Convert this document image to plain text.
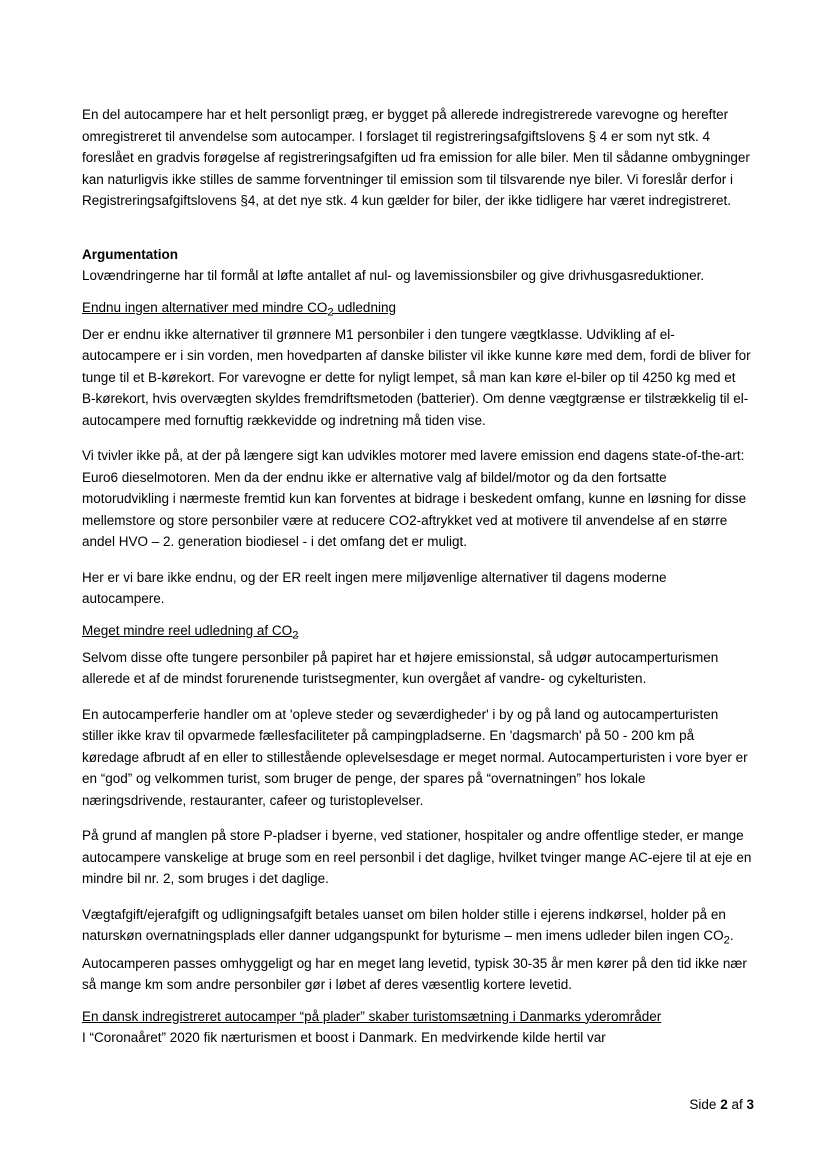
En del autocampere har et helt personligt præg, er bygget på allerede indregistrerede varevogne og herefter omregistreret til anvendelse som autocamper. I forslaget til registreringsafgiftslovens § 4 er som nyt stk. 4 foreslået en gradvis forøgelse af registreringsafgiften ud fra emission for alle biler. Men til sådanne ombygninger kan naturligvis ikke stilles de samme forventninger til emission som til tilsvarende nye biler. Vi foreslår derfor i Registreringsafgiftslovens §4, at det nye stk. 4 kun gælder for biler, der ikke tidligere har været indregistreret.

Argumentation

Lovændringerne har til formål at løfte antallet af nul- og lavemissionsbiler og give drivhusgasreduktioner.

Endnu ingen alternativer med mindre $CO_2$ udledning

Der er endnu ikke alternativer til grønnere M1 personbiler i den tungere vægtklasse. Udvikling af el-autocampere er i sin vorden, men hovedparten af danske bilister vil ikke kunne køre med dem, fordi de bliver for tunge til et B-kørekort. For varevogne er dette for nyligt lempet, så man kan køre el-biler op til 4250 kg med et B-kørekort, hvis overvægten skyldes fremdriftsmetoden (batterier). Om denne vægtgrænse er tilstrækkelig til el-autocampere med fornuftig rækkevidde og indretning må tiden vise.

Vi tvivler ikke på, at der på længere sigt kan udvikles motorer med lavere emission end dagens state-of-the-art: Euro6 dieselmotoren. Men da der endnu ikke er alternative valg af bildel/motor og da den fortsatte motorudvikling i nærmeste fremtid kun kan forventes at bidrage i beskedent omfang, kunne en løsning for disse mellemstore og store personbiler være at reducere CO2-aftrykket ved at motivere til anvendelse af en større andel HVO – 2. generation biodiesel - i det omfang det er muligt.

Her er vi bare ikke endnu, og der ER reelt ingen mere miljøvenlige alternativer til dagens moderne autocampere.

Meget mindre reel udledning af $CO_2$

Selvom disse ofte tungere personbiler på papiret har et højere emissionstal, så udgør autocamperturismen allerede et af de mindst forurenende turistsegmenter, kun overgået af vandre- og cykelturisten.

En autocamperferie handler om at 'opleve steder og seværdigheder' i by og på land og autocamperturisten stiller ikke krav til opvarmede fællesfaciliteter på campingpladserne. En 'dagsmarch' på 50 - 200 km på køredage afbrudt af en eller to stillestående oplevelsesdage er meget normal. Autocamperturisten i vore byer er en “god” og velkommen turist, som bruger de penge, der spares på “overnatningen” hos lokale næringsdrivende, restauranter, cafeer og turistoplevelser.

På grund af manglen på store P-pladser i byerne, ved stationer, hospitaler og andre offentlige steder, er mange autocampere vanskelige at bruge som en reel personbil i det daglige, hvilket tvinger mange AC-ejere til at eje en mindre bil nr. 2, som bruges i det daglige.

Vægtafgift/ejerafgift og udligningsafgift betales uanset om bilen holder stille i ejerens indkørsel, holder på en naturskøn overnatningsplads eller danner udgangspunkt for byturisme – men imens udleder bilen ingen $CO_2$. Autocamperen passes omhyggeligt og har en meget lang levetid, typisk 30-35 år men kører på den tid ikke nær så mange km som andre personbiler gør i løbet af deres væsentlig kortere levetid.

En dansk indregistreret autocamper “på plader” skaber turistomsætning i Danmarks yderområder

I “Coronaåret” 2020 fik nærturismen et boost i Danmark. En medvirkende kilde hertil var

Side 2 af 3
